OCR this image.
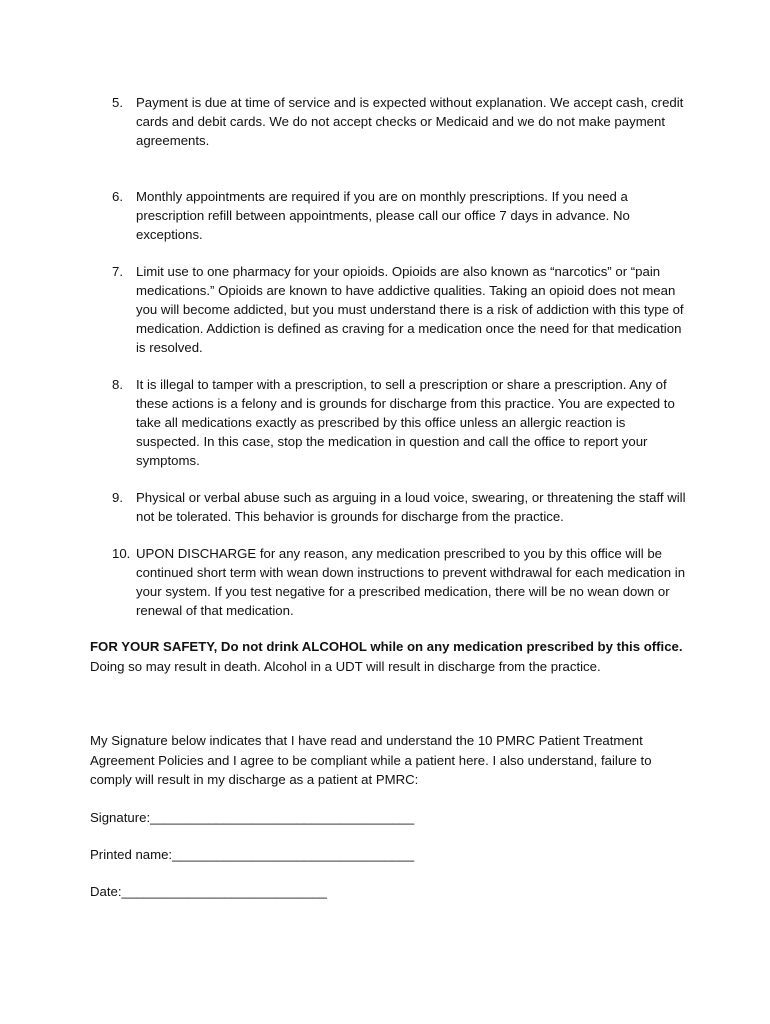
5. Payment is due at time of service and is expected without explanation. We accept cash, credit cards and debit cards. We do not accept checks or Medicaid and we do not make payment agreements.
6. Monthly appointments are required if you are on monthly prescriptions. If you need a prescription refill between appointments, please call our office 7 days in advance. No exceptions.
7. Limit use to one pharmacy for your opioids. Opioids are also known as “narcotics” or “pain medications.” Opioids are known to have addictive qualities. Taking an opioid does not mean you will become addicted, but you must understand there is a risk of addiction with this type of medication. Addiction is defined as craving for a medication once the need for that medication is resolved.
8. It is illegal to tamper with a prescription, to sell a prescription or share a prescription. Any of these actions is a felony and is grounds for discharge from this practice. You are expected to take all medications exactly as prescribed by this office unless an allergic reaction is suspected. In this case, stop the medication in question and call the office to report your symptoms.
9. Physical or verbal abuse such as arguing in a loud voice, swearing, or threatening the staff will not be tolerated. This behavior is grounds for discharge from the practice.
10. UPON DISCHARGE for any reason, any medication prescribed to you by this office will be continued short term with wean down instructions to prevent withdrawal for each medication in your system. If you test negative for a prescribed medication, there will be no wean down or renewal of that medication.
FOR YOUR SAFETY, Do not drink ALCOHOL while on any medication prescribed by this office.    Doing so may result in death. Alcohol in a UDT will result in discharge from the practice.
My Signature below indicates that I have read and understand the 10 PMRC Patient Treatment Agreement Policies and I agree to be compliant while a patient here. I also understand, failure to comply will result in my discharge as a patient at PMRC:
Signature:____________________________________
Printed name:_________________________________
Date:____________________________
